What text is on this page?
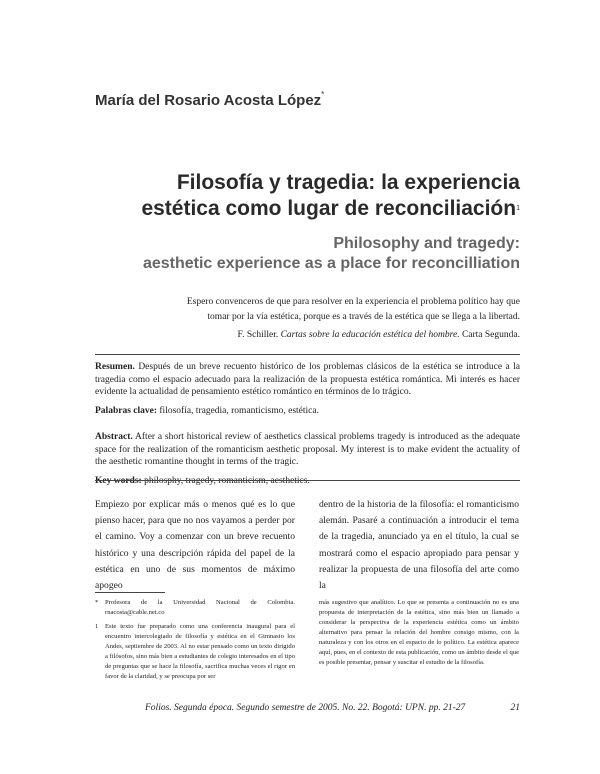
María del Rosario Acosta López*
Filosofía y tragedia: la experiencia
estética como lugar de reconciliación$^1$
Philosophy and tragedy:
aesthetic experience as a place for reconcilliation

Espero convenceros de que para resolver en la experiencia el problema político hay que tomar por la vía estética, porque es a través de la estética que se llega a la libertad.

F. Schiller. Cartas sobre la educación estética del hombre. Carta Segunda.

Resumen. Después de un breve recuento histórico de los problemas clásicos de la estética se introduce a la tragedia como el espacio adecuado para la realización de la propuesta estética romántica. Mi interés es hacer evidente la actualidad de pensamiento estético romántico en términos de lo trágico.

Palabras clave: filosofía, tragedia, romanticismo, estética.

Abstract. After a short historical review of aesthetics classical problems tragedy is introduced as the adequate space for the realization of the romanticism aesthetic proposal. My interest is to make evident the actuality of the aesthetic romantine thought in terms of the tragic.

Key words: philosphy, tragedy, romanticism, aesthetics.

Empiezo por explicar más o menos qué es lo que pienso hacer, para que no nos vayamos a perder por el camino. Voy a comenzar con un breve recuento histórico y una descripción rápida del papel de la estética en uno de sus momentos de máximo apogeo
dentro de la historia de la filosofía: el romanticismo alemán. Pasaré a continuación a introducir el tema de la tragedia, anunciado ya en el título, la cual se mostrará como el espacio apropiado para pensar y realizar la propuesta de una filosofía del arte como la
* Profesora de la Universidad Nacional de Colombia. rnacosta@cable.net.co
1 Este texto fue preparado como una conferencia inaugural para el encuentro intercolegiado de filosofía y estética en el Gimnasio los Andes, septiembre de 2003. Al no estar pensado como un texto dirigido a filósofos, sino más bien a estudiantes de colegio interesados en el tipo de preguntas que se hace la filosofía, sacrifica muchas veces el rigor en favor de la claridad, y se preocupa por ser

más sugestivo que analítico. Lo que se presenta a continuación no es una propuesta de interpretación de la estética, sino más bien un llamado a considerar la perspectiva de la experiencia estética como un ámbito alternativo para pensar la relación del hombre consigo mismo, con la naturaleza y con los otros en el espacio de lo político. La estética aparece aquí, pues, en el contexto de esta publicación, como un ámbito desde el que es posible presentar, pensar y suscitar el estudio de la filosofía.

Folios. Segunda época. Segundo semestre de 2005. No. 22. Bogotá: UPN. pp. 21-27	21
